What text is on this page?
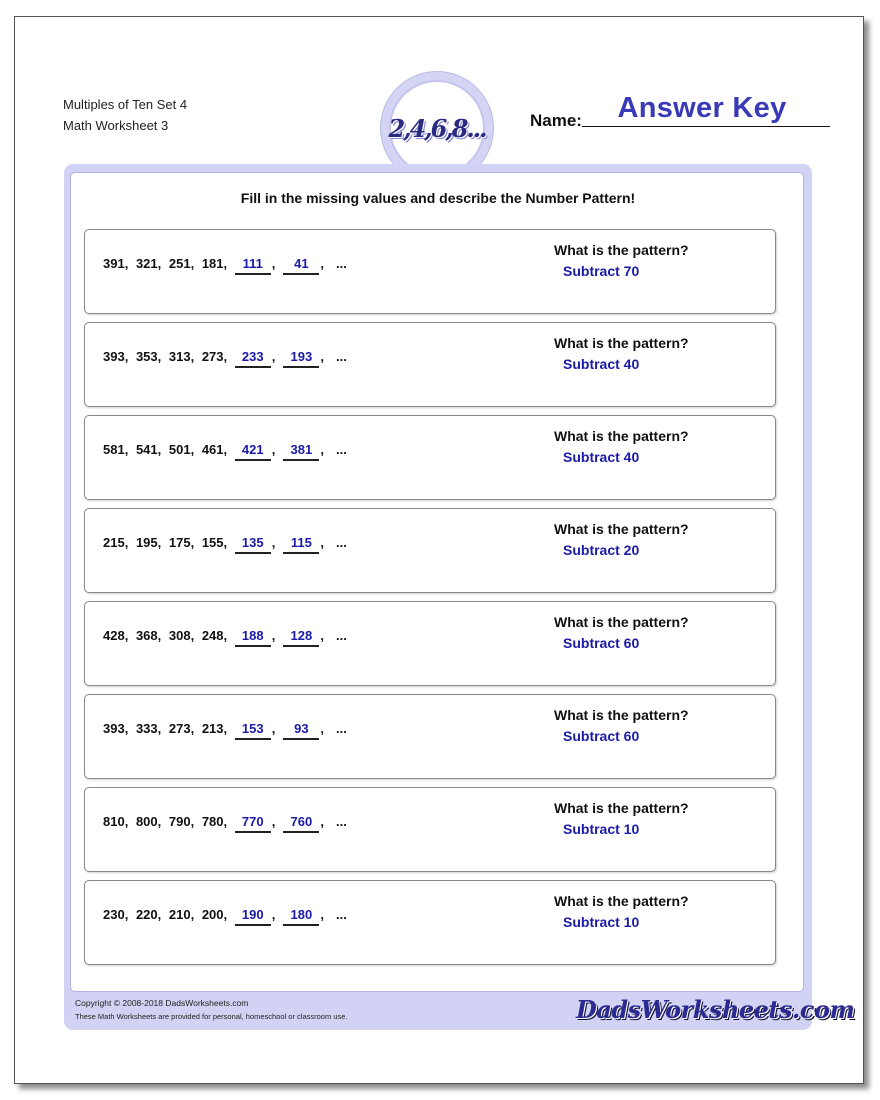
Multiples of Ten Set 4
Math Worksheet 3	2,4,6,8...	Name:	Answer Key
Fill in the missing values and describe the Number Pattern!
391, 321, 251, 181, 111 , 41 , ...
What is the pattern?
Subtract 70
393, 353, 313, 273, 233 , 193 , ...
What is the pattern?
Subtract 40
581, 541, 501, 461, 421 , 381 , ...
What is the pattern?
Subtract 40
215, 195, 175, 155, 135 , 115 , ...
What is the pattern?
Subtract 20
428, 368, 308, 248, 188 , 128 , ...
What is the pattern?
Subtract 60
393, 333, 273, 213, 153 , 93 , ...
What is the pattern?
Subtract 60
810, 800, 790, 780, 770 , 760 , ...
What is the pattern?
Subtract 10
230, 220, 210, 200, 190 , 180 , ...
What is the pattern?
Subtract 10
Copyright © 2008-2018 DadsWorksheets.com
These Math Worksheets are provided for personal, homeschool or classroom use.	DadsWorksheets.com
